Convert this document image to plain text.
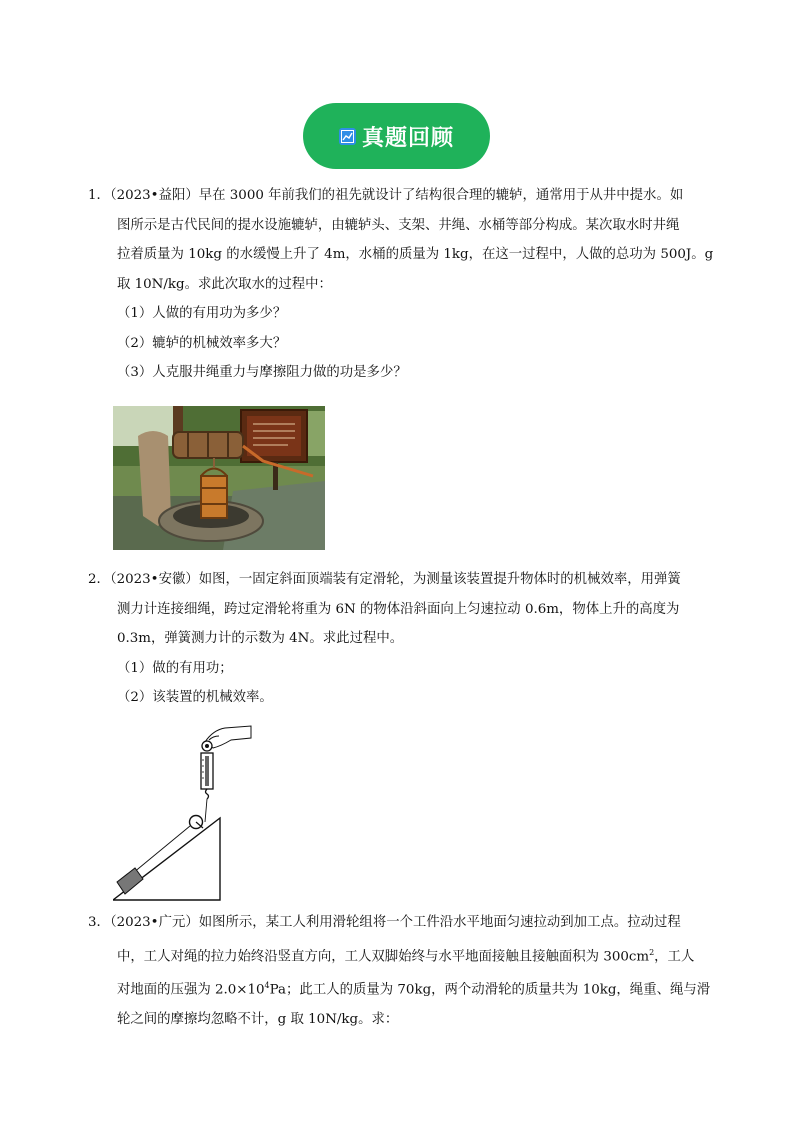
真题回顾
1．（2023•益阳）早在 3000 年前我们的祖先就设计了结构很合理的辘轳，通常用于从井中提水。如
图所示是古代民间的提水设施辘轳，由辘轳头、支架、井绳、水桶等部分构成。某次取水时井绳
拉着质量为 10kg 的水缓慢上升了 4m，水桶的质量为 1kg，在这一过程中，人做的总功为 500J。g
取 10N/kg。求此次取水的过程中：
（1）人做的有用功为多少？
（2）辘轳的机械效率多大？
（3）人克服井绳重力与摩擦阻力做的功是多少？
2．（2023•安徽）如图，一固定斜面顶端装有定滑轮，为测量该装置提升物体时的机械效率，用弹簧
测力计连接细绳，跨过定滑轮将重为 6N 的物体沿斜面向上匀速拉动 0.6m，物体上升的高度为
0.3m，弹簧测力计的示数为 4N。求此过程中。
（1）做的有用功；
（2）该装置的机械效率。
3．（2023•广元）如图所示，某工人利用滑轮组将一个工件沿水平地面匀速拉动到加工点。拉动过程
中，工人对绳的拉力始终沿竖直方向，工人双脚始终与水平地面接触且接触面积为 $300cm^2$，工人
对地面的压强为 $2.0\times 10^4Pa$；此工人的质量为 70kg，两个动滑轮的质量共为 10kg，绳重、绳与滑
轮之间的摩擦均忽略不计，g 取 10N/kg。求：
